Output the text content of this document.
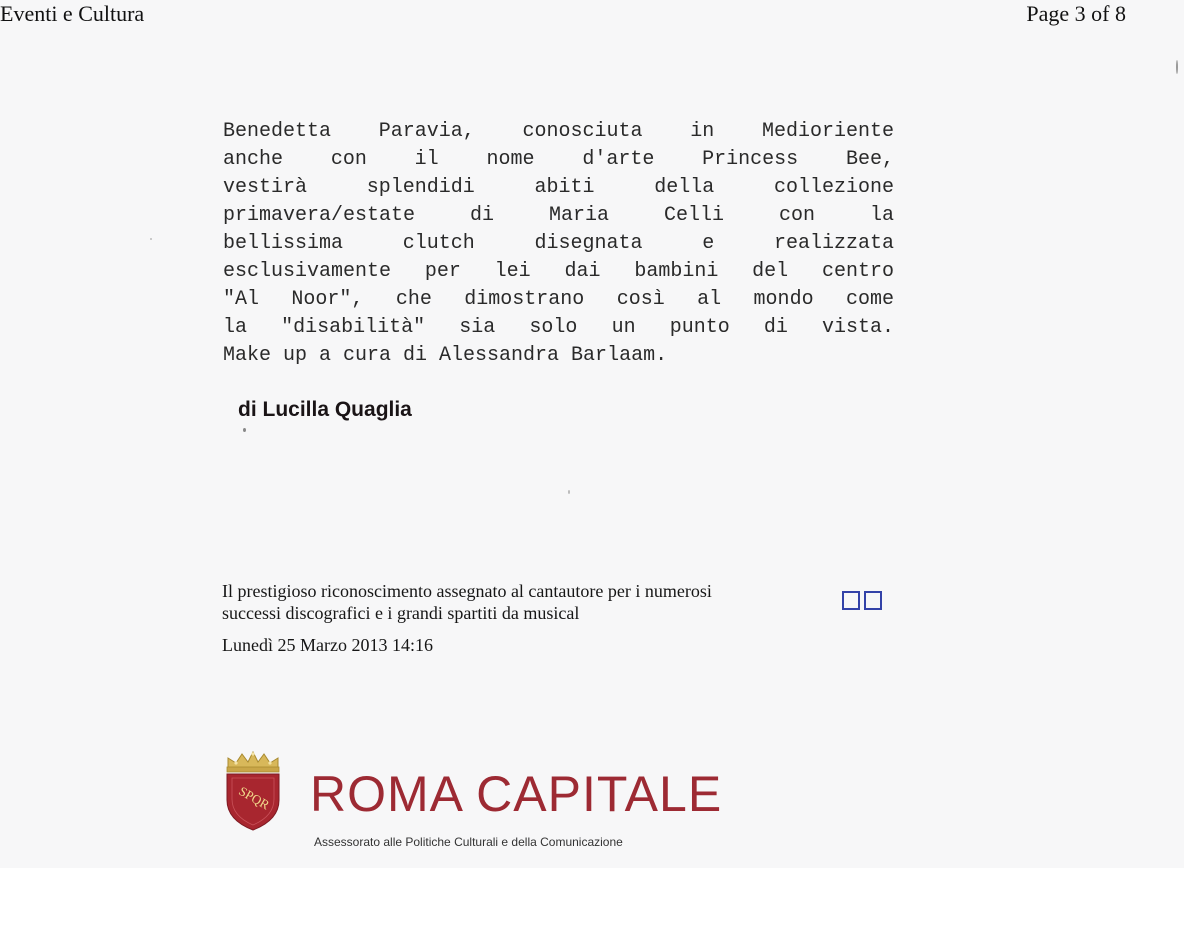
Eventi e Cultura	Page 3 of 8
Benedetta Paravia, conosciuta in Medioriente
anche con il nome d'arte Princess Bee,
vestirà splendidi abiti della collezione
primavera/estate di Maria Celli con la
bellissima clutch disegnata e realizzata
esclusivamente per lei dai bambini del centro
"Al Noor", che dimostrano così al mondo come
la "disabilità" sia solo un punto di vista.
Make up a cura di Alessandra Barlaam.
di Lucilla Quaglia
Il prestigioso riconoscimento assegnato al cantautore per i numerosi
successi discografici e i grandi spartiti da musical
Lunedì 25 Marzo 2013 14:16
SPQR ROMA CAPITALE
Assessorato alle Politiche Culturali e della Comunicazione
